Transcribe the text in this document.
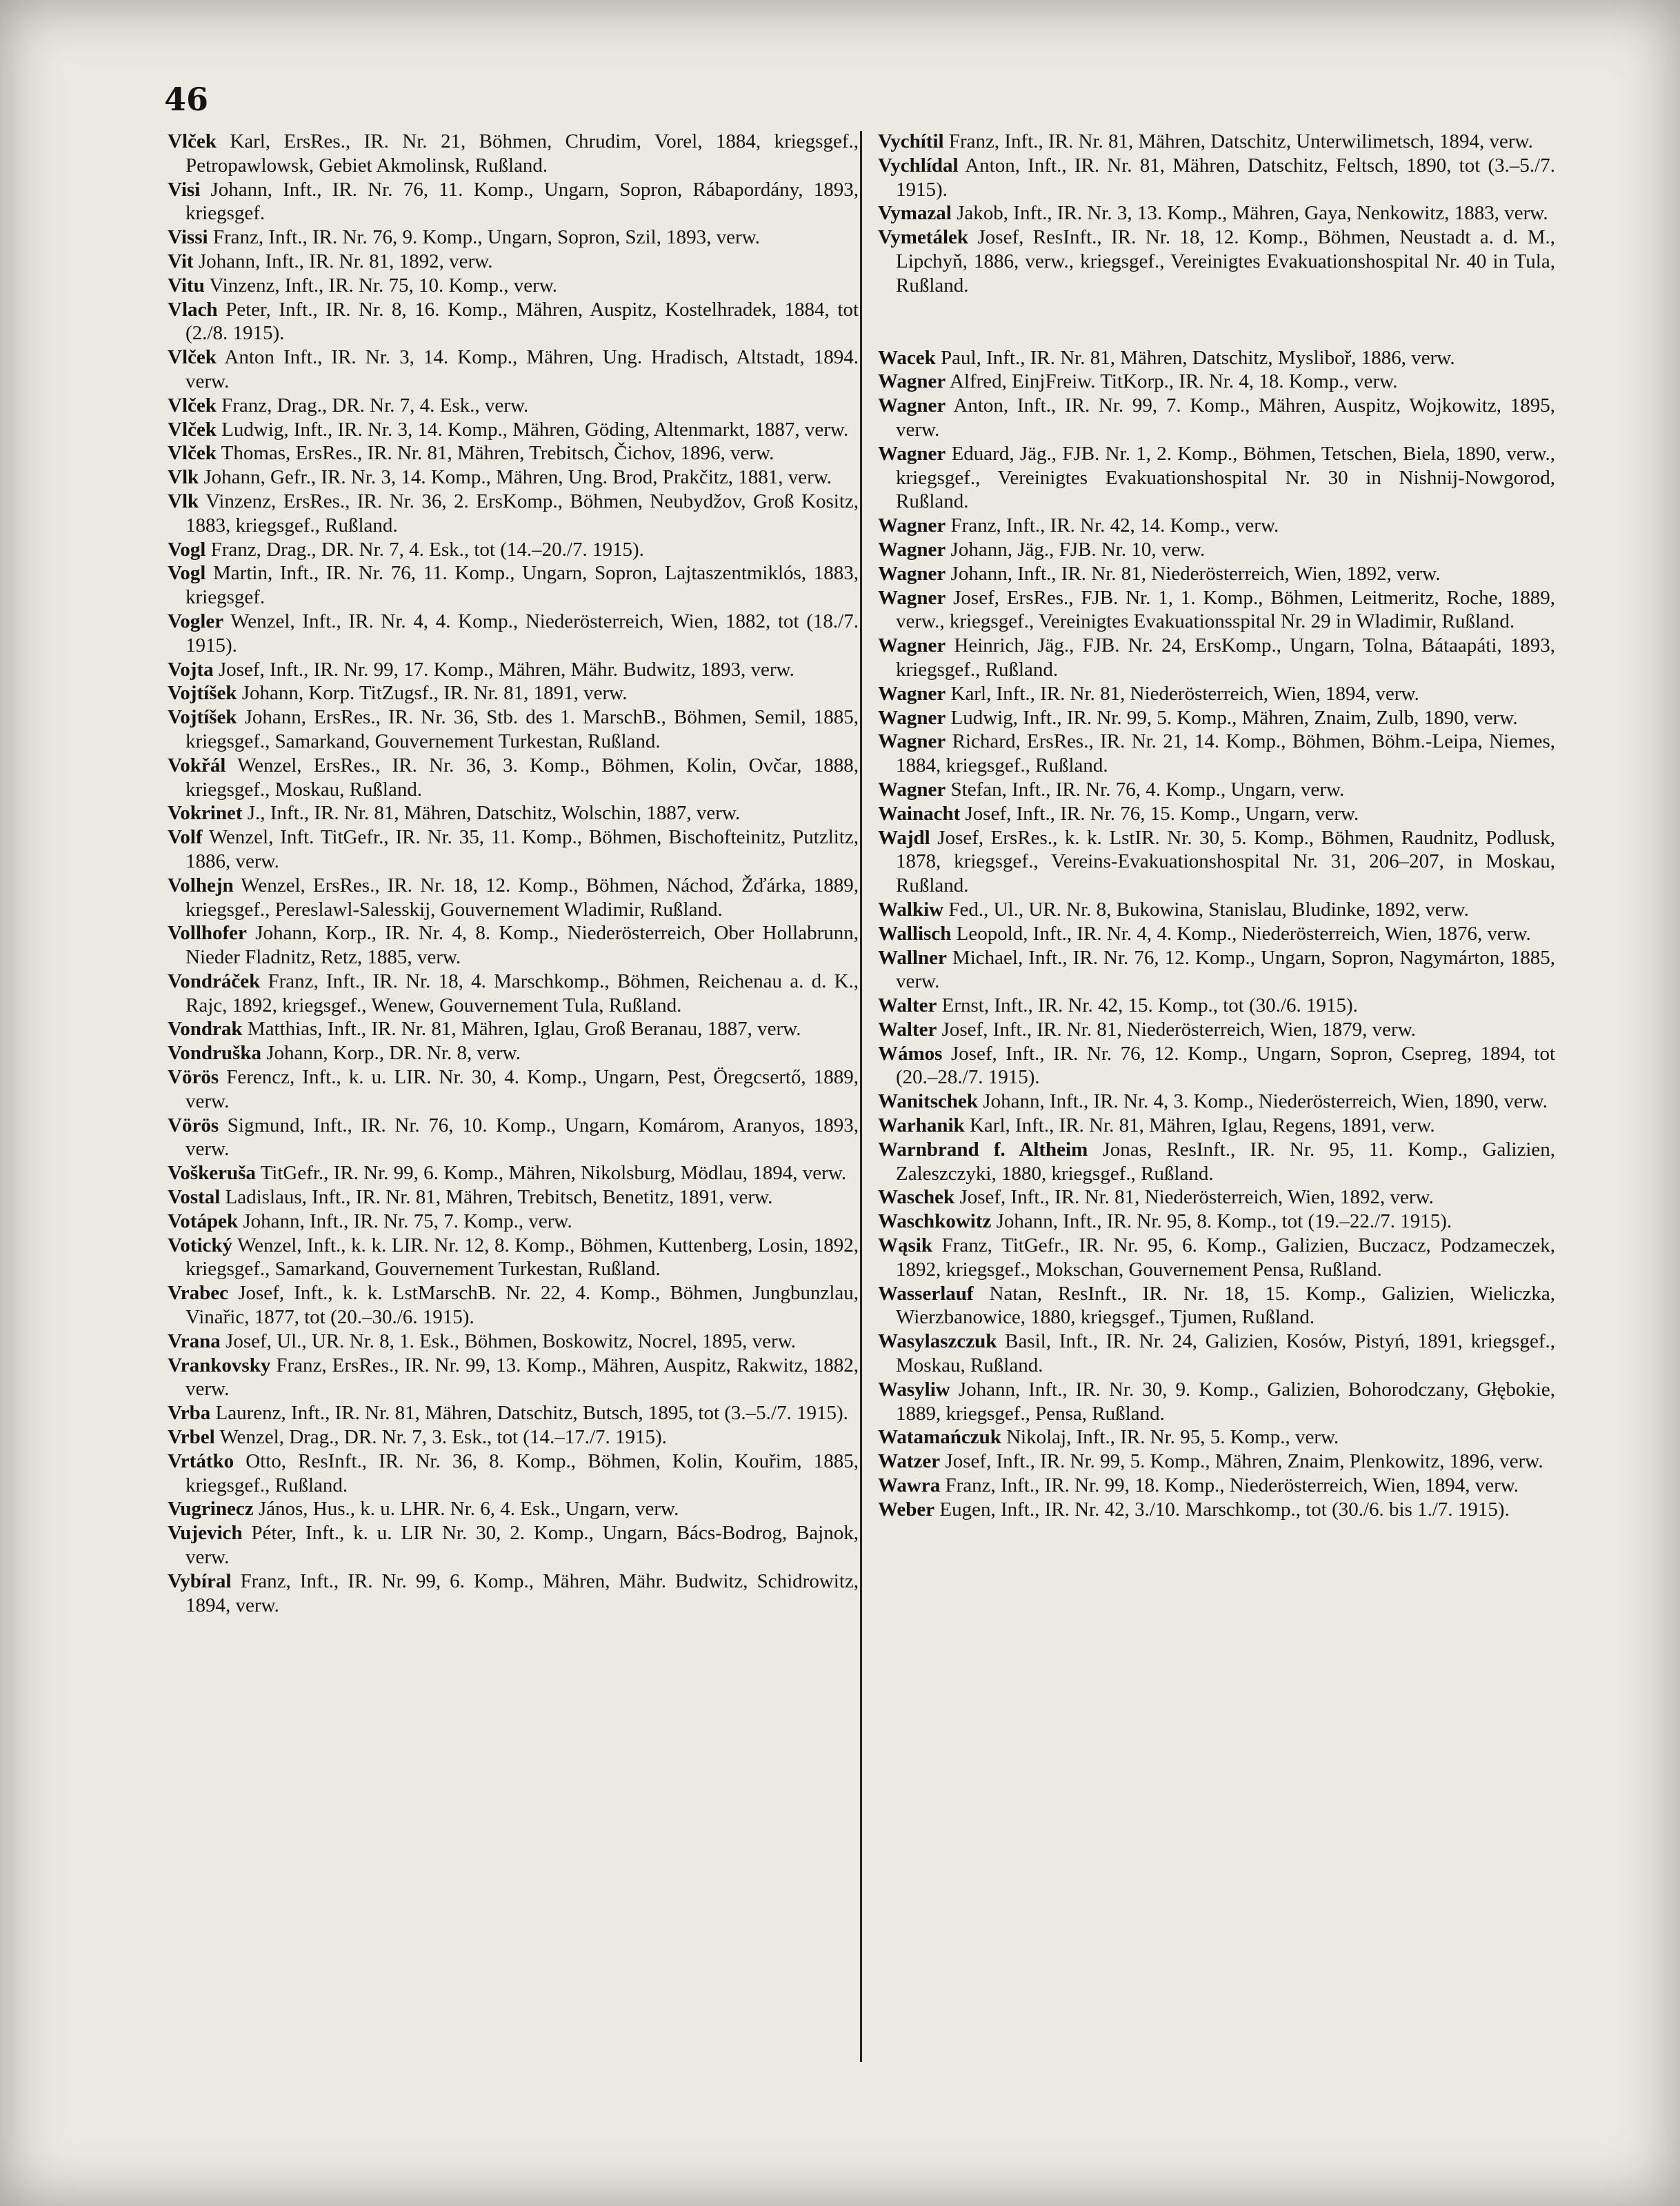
46

Vlček Karl, ErsRes., IR. Nr. 21, Böhmen, Chrudim, Vorel, 1884, kriegsgef., Petropawlowsk, Gebiet Akmolinsk, Rußland.

Visi Johann, Inft., IR. Nr. 76, 11. Komp., Ungarn, Sopron, Rábapordány, 1893, kriegsgef.

Vissi Franz, Inft., IR. Nr. 76, 9. Komp., Ungarn, Sopron, Szil, 1893, verw.

Vit Johann, Inft., IR. Nr. 81, 1892, verw.

Vitu Vinzenz, Inft., IR. Nr. 75, 10. Komp., verw.

Vlach Peter, Inft., IR. Nr. 8, 16. Komp., Mähren, Auspitz, Kostelhradek, 1884, tot (2./8. 1915).

Vlček Anton Inft., IR. Nr. 3, 14. Komp., Mähren, Ung. Hradisch, Altstadt, 1894. verw.

Vlček Franz, Drag., DR. Nr. 7, 4. Esk., verw.

Vlček Ludwig, Inft., IR. Nr. 3, 14. Komp., Mähren, Göding, Altenmarkt, 1887, verw.

Vlček Thomas, ErsRes., IR. Nr. 81, Mähren, Trebitsch, Čichov, 1896, verw.

Vlk Johann, Gefr., IR. Nr. 3, 14. Komp., Mähren, Ung. Brod, Prakčitz, 1881, verw.

Vlk Vinzenz, ErsRes., IR. Nr. 36, 2. ErsKomp., Böhmen, Neubydžov, Groß Kositz, 1883, kriegsgef., Rußland.

Vogl Franz, Drag., DR. Nr. 7, 4. Esk., tot (14.–20./7. 1915).

Vogl Martin, Inft., IR. Nr. 76, 11. Komp., Ungarn, Sopron, Lajtaszentmiklós, 1883, kriegsgef.

Vogler Wenzel, Inft., IR. Nr. 4, 4. Komp., Niederösterreich, Wien, 1882, tot (18./7. 1915).

Vojta Josef, Inft., IR. Nr. 99, 17. Komp., Mähren, Mähr. Budwitz, 1893, verw.

Vojtíšek Johann, Korp. TitZugsf., IR. Nr. 81, 1891, verw.

Vojtíšek Johann, ErsRes., IR. Nr. 36, Stb. des 1. MarschB., Böhmen, Semil, 1885, kriegsgef., Samarkand, Gouvernement Turkestan, Rußland.

Vokřál Wenzel, ErsRes., IR. Nr. 36, 3. Komp., Böhmen, Kolin, Ovčar, 1888, kriegsgef., Moskau, Rußland.

Vokrinet J., Inft., IR. Nr. 81, Mähren, Datschitz, Wolschin, 1887, verw.

Volf Wenzel, Inft. TitGefr., IR. Nr. 35, 11. Komp., Böhmen, Bischofteinitz, Putzlitz, 1886, verw.

Volhejn Wenzel, ErsRes., IR. Nr. 18, 12. Komp., Böhmen, Náchod, Žďárka, 1889, kriegsgef., Pereslawl-Salesskij, Gouvernement Wladimir, Rußland.

Vollhofer Johann, Korp., IR. Nr. 4, 8. Komp., Niederösterreich, Ober Hollabrunn, Nieder Fladnitz, Retz, 1885, verw.

Vondráček Franz, Inft., IR. Nr. 18, 4. Marschkomp., Böhmen, Reichenau a. d. K., Rajc, 1892, kriegsgef., Wenew, Gouvernement Tula, Rußland.

Vondrak Matthias, Inft., IR. Nr. 81, Mähren, Iglau, Groß Beranau, 1887, verw.

Vondruška Johann, Korp., DR. Nr. 8, verw.

Vörös Ferencz, Inft., k. u. LIR. Nr. 30, 4. Komp., Ungarn, Pest, Öregcsertő, 1889, verw.

Vörös Sigmund, Inft., IR. Nr. 76, 10. Komp., Ungarn, Komárom, Aranyos, 1893, verw.

Voškeruša TitGefr., IR. Nr. 99, 6. Komp., Mähren, Nikolsburg, Mödlau, 1894, verw.

Vostal Ladislaus, Inft., IR. Nr. 81, Mähren, Trebitsch, Benetitz, 1891, verw.

Votápek Johann, Inft., IR. Nr. 75, 7. Komp., verw.

Votický Wenzel, Inft., k. k. LIR. Nr. 12, 8. Komp., Böhmen, Kuttenberg, Losin, 1892, kriegsgef., Samarkand, Gouvernement Turkestan, Rußland.

Vrabec Josef, Inft., k. k. LstMarschB. Nr. 22, 4. Komp., Böhmen, Jungbunzlau, Vinařic, 1877, tot (20.–30./6. 1915).

Vrana Josef, Ul., UR. Nr. 8, 1. Esk., Böhmen, Boskowitz, Nocrel, 1895, verw.

Vrankovsky Franz, ErsRes., IR. Nr. 99, 13. Komp., Mähren, Auspitz, Rakwitz, 1882, verw.

Vrba Laurenz, Inft., IR. Nr. 81, Mähren, Datschitz, Butsch, 1895, tot (3.–5./7. 1915).

Vrbel Wenzel, Drag., DR. Nr. 7, 3. Esk., tot (14.–17./7. 1915).

Vrtátko Otto, ResInft., IR. Nr. 36, 8. Komp., Böhmen, Kolin, Kouřim, 1885, kriegsgef., Rußland.

Vugrinecz János, Hus., k. u. LHR. Nr. 6, 4. Esk., Ungarn, verw.

Vujevich Péter, Inft., k. u. LIR Nr. 30, 2. Komp., Ungarn, Bács-Bodrog, Bajnok, verw.

Vybíral Franz, Inft., IR. Nr. 99, 6. Komp., Mähren, Mähr. Budwitz, Schidrowitz, 1894, verw.

Vychítil Franz, Inft., IR. Nr. 81, Mähren, Datschitz, Unterwilimetsch, 1894, verw.

Vychlídal Anton, Inft., IR. Nr. 81, Mähren, Datschitz, Feltsch, 1890, tot (3.–5./7. 1915).

Vymazal Jakob, Inft., IR. Nr. 3, 13. Komp., Mähren, Gaya, Nenkowitz, 1883, verw.

Vymetálek Josef, ResInft., IR. Nr. 18, 12. Komp., Böhmen, Neustadt a. d. M., Lipchyň, 1886, verw., kriegsgef., Vereinigtes Evakuationshospital Nr. 40 in Tula, Rußland.

Wacek Paul, Inft., IR. Nr. 81, Mähren, Datschitz, Mysliboř, 1886, verw.

Wagner Alfred, EinjFreiw. TitKorp., IR. Nr. 4, 18. Komp., verw.

Wagner Anton, Inft., IR. Nr. 99, 7. Komp., Mähren, Auspitz, Wojkowitz, 1895, verw.

Wagner Eduard, Jäg., FJB. Nr. 1, 2. Komp., Böhmen, Tetschen, Biela, 1890, verw., kriegsgef., Vereinigtes Evakuationshospital Nr. 30 in Nishnij-Nowgorod, Rußland.

Wagner Franz, Inft., IR. Nr. 42, 14. Komp., verw.

Wagner Johann, Jäg., FJB. Nr. 10, verw.

Wagner Johann, Inft., IR. Nr. 81, Niederösterreich, Wien, 1892, verw.

Wagner Josef, ErsRes., FJB. Nr. 1, 1. Komp., Böhmen, Leitmeritz, Roche, 1889, verw., kriegsgef., Vereinigtes Evakuationsspital Nr. 29 in Wladimir, Rußland.

Wagner Heinrich, Jäg., FJB. Nr. 24, ErsKomp., Ungarn, Tolna, Bátaapáti, 1893, kriegsgef., Rußland.

Wagner Karl, Inft., IR. Nr. 81, Niederösterreich, Wien, 1894, verw.

Wagner Ludwig, Inft., IR. Nr. 99, 5. Komp., Mähren, Znaim, Zulb, 1890, verw.

Wagner Richard, ErsRes., IR. Nr. 21, 14. Komp., Böhmen, Böhm.-Leipa, Niemes, 1884, kriegsgef., Rußland.

Wagner Stefan, Inft., IR. Nr. 76, 4. Komp., Ungarn, verw.

Wainacht Josef, Inft., IR. Nr. 76, 15. Komp., Ungarn, verw.

Wajdl Josef, ErsRes., k. k. LstIR. Nr. 30, 5. Komp., Böhmen, Raudnitz, Podlusk, 1878, kriegsgef., Vereins-Evakuationshospital Nr. 31, 206–207, in Moskau, Rußland.

Walkiw Fed., Ul., UR. Nr. 8, Bukowina, Stanislau, Bludinke, 1892, verw.

Wallisch Leopold, Inft., IR. Nr. 4, 4. Komp., Niederösterreich, Wien, 1876, verw.

Wallner Michael, Inft., IR. Nr. 76, 12. Komp., Ungarn, Sopron, Nagymárton, 1885, verw.

Walter Ernst, Inft., IR. Nr. 42, 15. Komp., tot (30./6. 1915).

Walter Josef, Inft., IR. Nr. 81, Niederösterreich, Wien, 1879, verw.

Wámos Josef, Inft., IR. Nr. 76, 12. Komp., Ungarn, Sopron, Csepreg, 1894, tot (20.–28./7. 1915).

Wanitschek Johann, Inft., IR. Nr. 4, 3. Komp., Niederösterreich, Wien, 1890, verw.

Warhanik Karl, Inft., IR. Nr. 81, Mähren, Iglau, Regens, 1891, verw.

Warnbrand f. Altheim Jonas, ResInft., IR. Nr. 95, 11. Komp., Galizien, Zaleszczyki, 1880, kriegsgef., Rußland.

Waschek Josef, Inft., IR. Nr. 81, Niederösterreich, Wien, 1892, verw.

Waschkowitz Johann, Inft., IR. Nr. 95, 8. Komp., tot (19.–22./7. 1915).

Wąsik Franz, TitGefr., IR. Nr. 95, 6. Komp., Galizien, Buczacz, Podzameczek, 1892, kriegsgef., Mokschan, Gouvernement Pensa, Rußland.

Wasserlauf Natan, ResInft., IR. Nr. 18, 15. Komp., Galizien, Wieliczka, Wierzbanowice, 1880, kriegsgef., Tjumen, Rußland.

Wasylaszczuk Basil, Inft., IR. Nr. 24, Galizien, Kosów, Pistyń, 1891, kriegsgef., Moskau, Rußland.

Wasyliw Johann, Inft., IR. Nr. 30, 9. Komp., Galizien, Bohorodczany, Głębokie, 1889, kriegsgef., Pensa, Rußland.

Watamańczuk Nikolaj, Inft., IR. Nr. 95, 5. Komp., verw.

Watzer Josef, Inft., IR. Nr. 99, 5. Komp., Mähren, Znaim, Plenkowitz, 1896, verw.

Wawra Franz, Inft., IR. Nr. 99, 18. Komp., Niederösterreich, Wien, 1894, verw.

Weber Eugen, Inft., IR. Nr. 42, 3./10. Marschkomp., tot (30./6. bis 1./7. 1915).
